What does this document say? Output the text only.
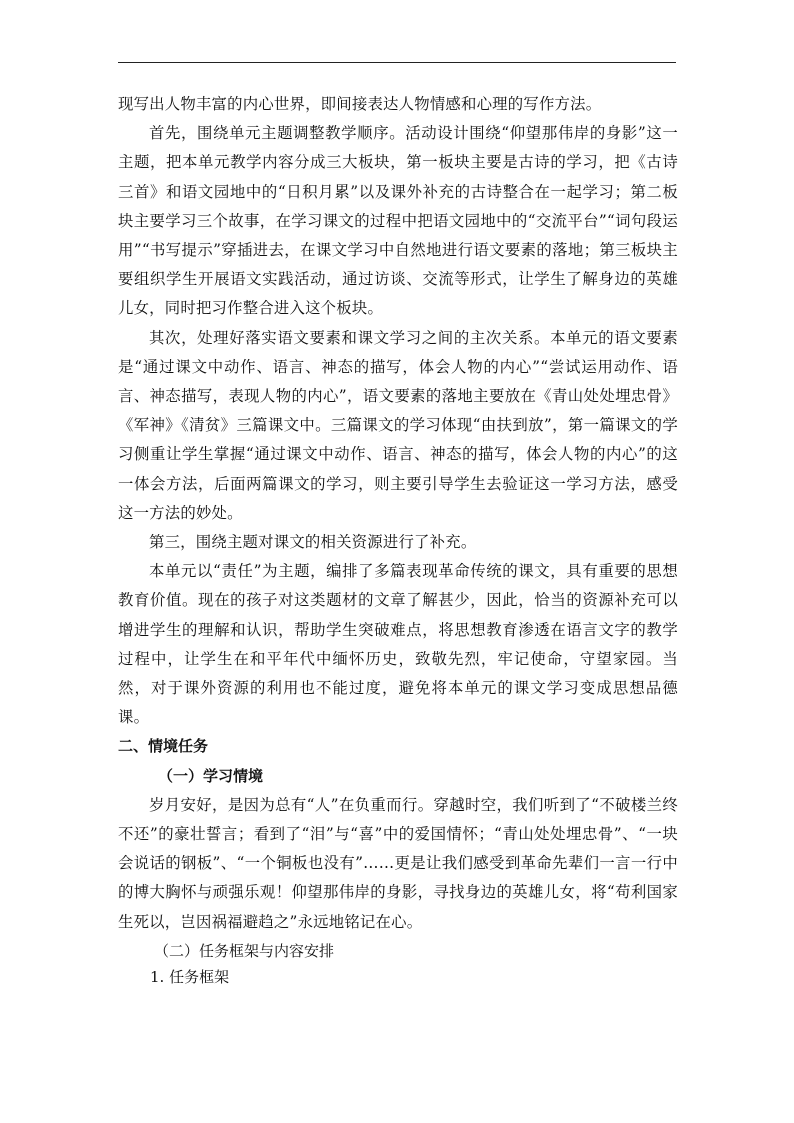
现写出人物丰富的内心世界，即间接表达人物情感和心理的写作方法。

首先，围绕单元主题调整教学顺序。活动设计围绕“仰望那伟岸的身影”这一主题，把本单元教学内容分成三大板块，第一板块主要是古诗的学习，把《古诗三首》和语文园地中的“日积月累”以及课外补充的古诗整合在一起学习；第二板块主要学习三个故事，在学习课文的过程中把语文园地中的“交流平台”“词句段运用”“书写提示”穿插进去，在课文学习中自然地进行语文要素的落地；第三板块主要组织学生开展语文实践活动，通过访谈、交流等形式，让学生了解身边的英雄儿女，同时把习作整合进入这个板块。

其次，处理好落实语文要素和课文学习之间的主次关系。本单元的语文要素是“通过课文中动作、语言、神态的描写，体会人物的内心”“尝试运用动作、语言、神态描写，表现人物的内心”，语文要素的落地主要放在《青山处处埋忠骨》《军神》《清贫》三篇课文中。三篇课文的学习体现“由扶到放”，第一篇课文的学习侧重让学生掌握“通过课文中动作、语言、神态的描写，体会人物的内心”的这一体会方法，后面两篇课文的学习，则主要引导学生去验证这一学习方法，感受这一方法的妙处。

第三，围绕主题对课文的相关资源进行了补充。

本单元以“责任”为主题，编排了多篇表现革命传统的课文，具有重要的思想教育价值。现在的孩子对这类题材的文章了解甚少，因此，恰当的资源补充可以增进学生的理解和认识，帮助学生突破难点，将思想教育渗透在语言文字的教学过程中，让学生在和平年代中缅怀历史，致敬先烈，牢记使命，守望家园。当然，对于课外资源的利用也不能过度，避免将本单元的课文学习变成思想品德课。

二、情境任务

（一）学习情境

岁月安好，是因为总有“人”在负重而行。穿越时空，我们听到了“不破楼兰终不还”的豪壮誓言；看到了“泪”与“喜”中的爱国情怀；“青山处处埋忠骨”、“一块会说话的钢板”、“一个铜板也没有”……更是让我们感受到革命先辈们一言一行中的博大胸怀与顽强乐观！仰望那伟岸的身影，寻找身边的英雄儿女，将“苟利国家生死以，岂因祸福避趋之”永远地铭记在心。

（二）任务框架与内容安排

1. 任务框架
